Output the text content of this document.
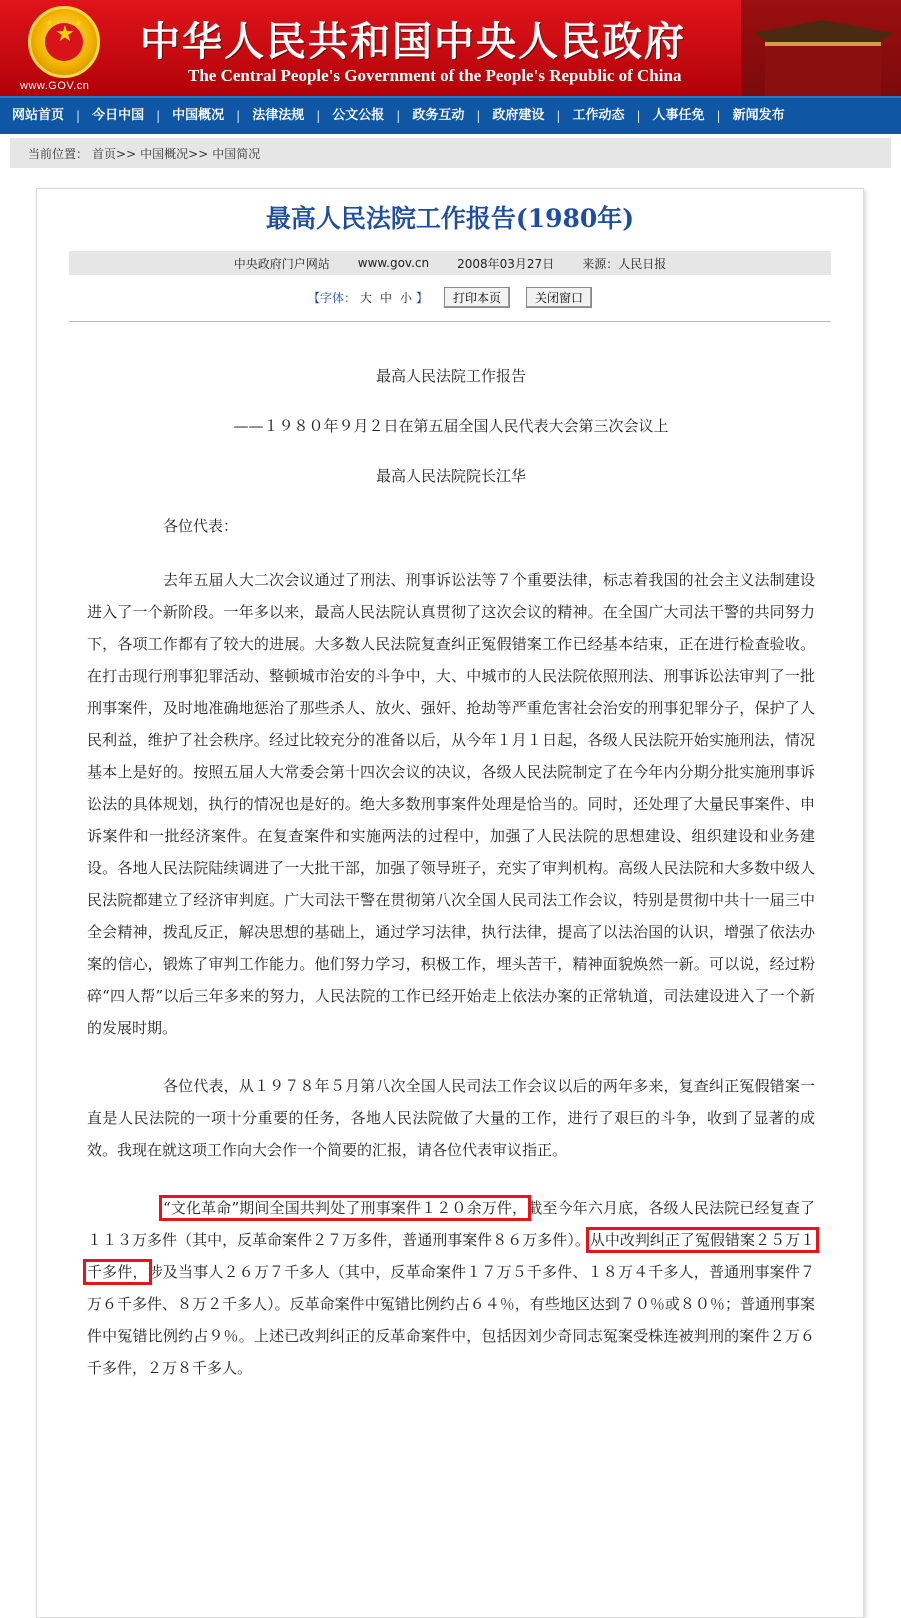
★
★ ★
www.GOV.cn
中华人民共和国中央人民政府
The Central People's Government of the People's Republic of China
网站首页	| 今日中国	| 中国概况	| 法律法规	| 公文公报	| 政务互动	| 政府建设	| 工作动态	| 人事任免	| 新闻发布
当前位置： 首页>> 中国概况>> 中国简况
最高人民法院工作报告(1980年)
中央政府门户网站 www.gov.cn 2008年03月27日 来源：人民日报
【字体： 大 中 小 】	打印本页	关闭窗口
最高人民法院工作报告
——１９８０年９月２日在第五届全国人民代表大会第三次会议上
最高人民法院院长江华
各位代表：

去年五届人大二次会议通过了刑法、刑事诉讼法等７个重要法律，标志着我国的社会主义法制建设进入了一个新阶段。一年多以来，最高人民法院认真贯彻了这次会议的精神。在全国广大司法干警的共同努力下，各项工作都有了较大的进展。大多数人民法院复查纠正冤假错案工作已经基本结束，正在进行检查验收。在打击现行刑事犯罪活动、整顿城市治安的斗争中，大、中城市的人民法院依照刑法、刑事诉讼法审判了一批刑事案件，及时地准确地惩治了那些杀人、放火、强奸、抢劫等严重危害社会治安的刑事犯罪分子，保护了人民利益，维护了社会秩序。经过比较充分的准备以后，从今年１月１日起，各级人民法院开始实施刑法，情况基本上是好的。按照五届人大常委会第十四次会议的决议，各级人民法院制定了在今年内分期分批实施刑事诉讼法的具体规划，执行的情况也是好的。绝大多数刑事案件处理是恰当的。同时，还处理了大量民事案件、申诉案件和一批经济案件。在复查案件和实施两法的过程中，加强了人民法院的思想建设、组织建设和业务建设。各地人民法院陆续调进了一大批干部，加强了领导班子，充实了审判机构。高级人民法院和大多数中级人民法院都建立了经济审判庭。广大司法干警在贯彻第八次全国人民司法工作会议，特别是贯彻中共十一届三中全会精神，拨乱反正，解决思想的基础上，通过学习法律，执行法律，提高了以法治国的认识，增强了依法办案的信心，锻炼了审判工作能力。他们努力学习，积极工作，埋头苦干，精神面貌焕然一新。可以说，经过粉碎“四人帮”以后三年多来的努力，人民法院的工作已经开始走上依法办案的正常轨道，司法建设进入了一个新的发展时期。

各位代表，从１９７８年５月第八次全国人民司法工作会议以后的两年多来，复查纠正冤假错案一直是人民法院的一项十分重要的任务，各地人民法院做了大量的工作，进行了艰巨的斗争，收到了显著的成效。我现在就这项工作向大会作一个简要的汇报，请各位代表审议指正。

“文化革命”期间全国共判处了刑事案件１２０余万件，截至今年六月底，各级人民法院已经复查了１１３万多件（其中，反革命案件２７万多件，普通刑事案件８６万多件）。从中改判纠正了冤假错案２５万１千多件，涉及当事人２６万７千多人（其中，反革命案件１７万５千多件、１８万４千多人，普通刑事案件７万６千多件、８万２千多人）。反革命案件中冤错比例约占６４％，有些地区达到７０％或８０％；普通刑事案件中冤错比例约占９％。上述已改判纠正的反革命案件中，包括因刘少奇同志冤案受株连被判刑的案件２万６千多件，２万８千多人。
